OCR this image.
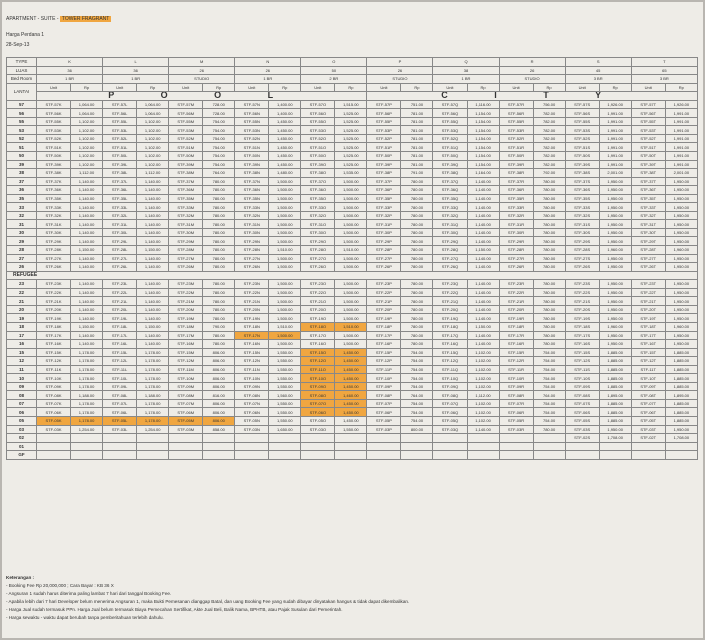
APARTMENT - SUITE - TOWER FRAGRANT
Harga Perdana 1
28-Sep-13
TYPE	K		L		M		N		O		P		Q		R		S		T	
LUAS	36		36		26		26		50		26		38		26		45		65	
Bed Room	1 BR		1 BR		STUDIO		1 BR		2 BR		STUDIO		1 BR		STUDIO		3 BR		3 BR	
LANTAI	Unit	Rp	Unit	Rp	Unit	Rp	Unit	Rp	Unit	Rp	Unit	Rp	Unit	Rp	Unit	Rp	Unit	Rp	Unit	Rp
	P O O L										C I T Y									
57	STF-57K	1,064.00	STF-57L	1,064.00	STF-57M	728.00	STF-57N	1,400.00	STF-57O	1,515.00	STF-57P	751.00	STF-57Q	1,116.00	STF-57R	756.00	STF-57S	1,926.00	STF-57T	1,926.00
56	STF-56K	1,064.00	STF-56L	1,064.00	STF-56M	728.00	STF-56N	1,400.00	STF-56O	1,525.00	STF-56P	781.00	STF-56Q	1,154.00	STF-56R	782.00	STF-56S	1,991.00	STF-56T	1,991.00
55	STF-55K	1,102.00	STF-55L	1,102.00	STF-55M	754.00	STF-55N	1,450.00	STF-55O	1,525.00	STF-55P	781.00	STF-55Q	1,154.00	STF-55R	782.00	STF-55S	1,991.00	STF-55T	1,991.00
53	STF-53K	1,102.00	STF-53L	1,102.00	STF-53M	754.00	STF-53N	1,450.00	STF-53O	1,525.00	STF-53P	781.00	STF-53Q	1,154.00	STF-53R	782.00	STF-53S	1,991.00	STF-53T	1,991.00
52	STF-52K	1,102.00	STF-52L	1,102.00	STF-52M	754.00	STF-52N	1,450.00	STF-52O	1,525.00	STF-52P	781.00	STF-52Q	1,154.00	STF-52R	782.00	STF-52S	1,991.00	STF-52T	1,991.00
51	STF-51K	1,102.00	STF-51L	1,102.00	STF-51M	754.00	STF-51N	1,450.00	STF-51O	1,525.00	STF-51P	781.00	STF-51Q	1,154.00	STF-51R	782.00	STF-51S	1,991.00	STF-51T	1,991.00
50	STF-50K	1,102.00	STF-50L	1,102.00	STF-50M	754.00	STF-50N	1,450.00	STF-50O	1,525.00	STF-50P	781.00	STF-50Q	1,154.00	STF-50R	782.00	STF-50S	1,991.00	STF-50T	1,991.00
39	STF-39K	1,102.00	STF-39L	1,102.00	STF-39M	754.00	STF-39N	1,450.00	STF-39O	1,525.00	STF-39P	781.00	STF-39Q	1,154.00	STF-39R	782.00	STF-39S	1,991.00	STF-39T	1,991.00
38	STF-38K	1,112.00	STF-38L	1,112.00	STF-38M	764.00	STF-38N	1,480.00	STF-38O	1,535.00	STF-38P	791.00	STF-38Q	1,164.00	STF-38R	792.00	STF-38S	2,001.00	STF-38T	2,001.00
37	STF-37K	1,140.00	STF-37L	1,140.00	STF-37M	780.00	STF-37N	1,500.00	STF-37O	1,500.00	STF-37P	780.00	STF-37Q	1,140.00	STF-37R	780.00	STF-37S	1,950.00	STF-37T	1,950.00
36	STF-36K	1,140.00	STF-36L	1,140.00	STF-36M	780.00	STF-36N	1,500.00	STF-36O	1,500.00	STF-36P	780.00	STF-36Q	1,140.00	STF-36R	780.00	STF-36S	1,950.00	STF-36T	1,950.00
35	STF-35K	1,140.00	STF-35L	1,140.00	STF-35M	780.00	STF-35N	1,500.00	STF-35O	1,500.00	STF-35P	780.00	STF-35Q	1,140.00	STF-35R	780.00	STF-35S	1,950.00	STF-35T	1,950.00
33	STF-33K	1,140.00	STF-33L	1,140.00	STF-33M	780.00	STF-33N	1,500.00	STF-33O	1,500.00	STF-33P	780.00	STF-33Q	1,140.00	STF-33R	780.00	STF-33S	1,950.00	STF-33T	1,950.00
32	STF-32K	1,140.00	STF-32L	1,140.00	STF-32M	780.00	STF-32N	1,500.00	STF-32O	1,500.00	STF-32P	780.00	STF-32Q	1,140.00	STF-32R	780.00	STF-32S	1,950.00	STF-32T	1,950.00
31	STF-31K	1,140.00	STF-31L	1,140.00	STF-31M	780.00	STF-31N	1,500.00	STF-31O	1,500.00	STF-31P	780.00	STF-31Q	1,140.00	STF-31R	780.00	STF-31S	1,950.00	STF-31T	1,950.00
30	STF-30K	1,140.00	STF-30L	1,140.00	STF-30M	780.00	STF-30N	1,500.00	STF-30O	1,500.00	STF-30P	780.00	STF-30Q	1,140.00	STF-30R	780.00	STF-30S	1,950.00	STF-30T	1,950.00
29	STF-29K	1,140.00	STF-29L	1,140.00	STF-29M	780.00	STF-29N	1,500.00	STF-29O	1,500.00	STF-29P	780.00	STF-29Q	1,140.00	STF-29R	780.00	STF-29S	1,950.00	STF-29T	1,950.00
28	STF-28K	1,150.00	STF-28L	1,150.00	STF-28M	780.00	STF-28N	1,510.00	STF-28O	1,510.00	STF-28P	780.00	STF-28Q	1,150.00	STF-28R	780.00	STF-28S	1,960.00	STF-28T	1,960.00
27	STF-27K	1,140.00	STF-27L	1,140.00	STF-27M	780.00	STF-27N	1,500.00	STF-27O	1,500.00	STF-27P	780.00	STF-27Q	1,140.00	STF-27R	780.00	STF-27S	1,950.00	STF-27T	1,950.00
26	STF-26K	1,140.00	STF-26L	1,140.00	STF-26M	780.00	STF-26N	1,500.00	STF-26O	1,500.00	STF-26P	780.00	STF-26Q	1,140.00	STF-26R	780.00	STF-26S	1,950.00	STF-26T	1,950.00
REFUGEE																				
23	STF-23K	1,140.00	STF-23L	1,140.00	STF-23M	780.00	STF-23N	1,500.00	STF-23O	1,500.00	STF-23P	780.00	STF-23Q	1,140.00	STF-23R	780.00	STF-23S	1,950.00	STF-23T	1,950.00
22	STF-22K	1,140.00	STF-22L	1,140.00	STF-22M	780.00	STF-22N	1,500.00	STF-22O	1,500.00	STF-22P	780.00	STF-22Q	1,140.00	STF-22R	780.00	STF-22S	1,950.00	STF-22T	1,950.00
21	STF-21K	1,140.00	STF-21L	1,140.00	STF-21M	780.00	STF-21N	1,500.00	STF-21O	1,500.00	STF-21P	780.00	STF-21Q	1,140.00	STF-21R	780.00	STF-21S	1,950.00	STF-21T	1,950.00
20	STF-20K	1,140.00	STF-20L	1,140.00	STF-20M	780.00	STF-20N	1,500.00	STF-20O	1,500.00	STF-20P	780.00	STF-20Q	1,140.00	STF-20R	780.00	STF-20S	1,950.00	STF-20T	1,950.00
19	STF-19K	1,140.00	STF-19L	1,140.00	STF-19M	780.00	STF-19N	1,500.00	STF-19O	1,500.00	STF-19P	780.00	STF-19Q	1,140.00	STF-19R	780.00	STF-19S	1,950.00	STF-19T	1,950.00
18	STF-18K	1,150.00	STF-18L	1,150.00	STF-18M	790.00	STF-18N	1,510.00	STF-18O	1,510.00	STF-18P	780.00	STF-18Q	1,150.00	STF-18R	780.00	STF-18S	1,960.00	STF-18T	1,960.00
17	STF-17K	1,140.00	STF-17L	1,140.00	STF-17M	780.00	STF-17N	1,500.00	STF-17O	1,500.00	STF-17P	780.00	STF-17Q	1,140.00	STF-17R	780.00	STF-17S	1,950.00	STF-17T	1,950.00
16	STF-16K	1,140.00	STF-16L	1,140.00	STF-16M	780.00	STF-16N	1,500.00	STF-16O	1,500.00	STF-16P	780.00	STF-16Q	1,140.00	STF-16R	780.00	STF-16S	1,950.00	STF-16T	1,950.00
15	STF-15K	1,178.00	STF-15L	1,178.00	STF-15M	806.00	STF-15N	1,550.00	STF-15O	1,450.00	STF-15P	754.00	STF-15Q	1,102.00	STF-15R	754.00	STF-15S	1,885.00	STF-15T	1,885.00
12	STF-12K	1,178.00	STF-12L	1,178.00	STF-12M	806.00	STF-12N	1,550.00	STF-12O	1,450.00	STF-12P	754.00	STF-12Q	1,102.00	STF-12R	754.00	STF-12S	1,885.00	STF-12T	1,885.00
11	STF-11K	1,178.00	STF-11L	1,178.00	STF-11M	806.00	STF-11N	1,550.00	STF-11O	1,450.00	STF-11P	754.00	STF-11Q	1,102.00	STF-11R	754.00	STF-11S	1,885.00	STF-11T	1,885.00
10	STF-10K	1,178.00	STF-10L	1,178.00	STF-10M	806.00	STF-10N	1,550.00	STF-10O	1,450.00	STF-10P	754.00	STF-10Q	1,102.00	STF-10R	754.00	STF-10S	1,885.00	STF-10T	1,885.00
09	STF-09K	1,178.00	STF-09L	1,178.00	STF-09M	806.00	STF-09N	1,550.00	STF-09O	1,450.00	STF-09P	754.00	STF-09Q	1,102.00	STF-09R	754.00	STF-09S	1,885.00	STF-09T	1,885.00
08	STF-08K	1,188.00	STF-08L	1,188.00	STF-08M	816.00	STF-08N	1,560.00	STF-08O	1,460.00	STF-08P	764.00	STF-08Q	1,112.00	STF-08R	764.00	STF-08S	1,895.00	STF-08T	1,895.00
07	STF-07K	1,178.00	STF-07L	1,178.00	STF-07M	806.00	STF-07N	1,550.00	STF-07O	1,450.00	STF-07P	754.00	STF-07Q	1,102.00	STF-07R	754.00	STF-07S	1,885.00	STF-07T	1,885.00
06	STF-06K	1,178.00	STF-06L	1,178.00	STF-06M	806.00	STF-06N	1,550.00	STF-06O	1,450.00	STF-06P	754.00	STF-06Q	1,102.00	STF-06R	754.00	STF-06S	1,885.00	STF-06T	1,885.00
05	STF-05K	1,178.00	STF-05L	1,178.00	STF-05M	806.00	STF-05N	1,550.00	STF-05O	1,450.00	STF-05P	754.00	STF-05Q	1,102.00	STF-05R	754.00	STF-05S	1,885.00	STF-05T	1,885.00
03	STF-03K	1,254.00	STF-03L	1,254.00	STF-03M	858.00	STF-03N	1,650.00	STF-03O	1,550.00	STF-03P	800.00	STF-03Q	1,140.00	STF-03R	780.00	STF-03S	1,950.00	STF-03T	1,950.00
02																	STF-02S	1,708.00	STF-02T	1,708.00
01																				
GF																				
Keterangan :
- Booking Fee Rp 20,000,000 ; Cara Bayar : KB 36 X
- Angsuran 1 sudah harus diterima paling lambat 7 hari dari tanggal Booking Fee.
- Apabila lebih dari 7 hari Developer belum menerima Angsuran 1, maka Bukti Pemesanan dianggap Batal, dan uang Booking Fee yang sudah dibayar dinyatakan hangus & tidak dapat dikembalikan.
- Harga Jual sudah termasuk PPn. Harga Jual belum termasuk Biaya Pemecahan Sertifikat, Akte Jual Beli, Balik Nama, BPHTB, atau Pajak Susulan dari Pemerintah.
- Harga sewaktu - waktu dapat berubah tanpa pemberitahuan terlebih dahulu.
